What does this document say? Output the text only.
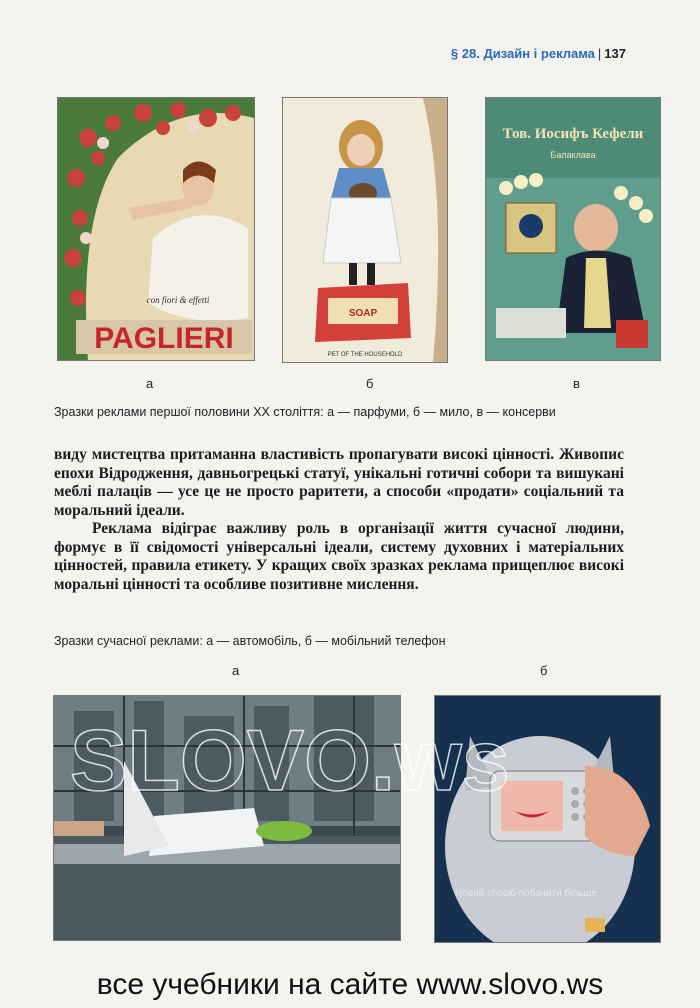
§ 28. Дизайн і реклама | 137
con fiori & effetti
PAGLIERI
SOAP
PET OF THE HOUSEHOLD
Тов. Иосифъ Кефели
Балаклава
а	б	в
Зразки реклами першої половини XX століття: а — парфуми, б — мило, в — консерви

виду мистецтва притаманна властивість пропагувати високі цінності. Живопис епохи Відродження, давньогрецькі статуї, унікальні готичні собори та вишукані меблі палаців — усе це не просто раритети, а способи «продати» соціальний та моральний ідеали.

Реклама відіграє важливу роль в організації життя сучасної людини, формує в її свідомості універсальні ідеали, систему духовних і матеріальних цінностей, правила етикету. У кращих своїх зразках реклама прищеплює високі моральні цінності та особливе позитивне мислення.

Зразки сучасної реклами: а — автомобіль, б — мобільний телефон
а	б
Новий спосіб побачити більше
все учебники на сайте www.slovo.ws
